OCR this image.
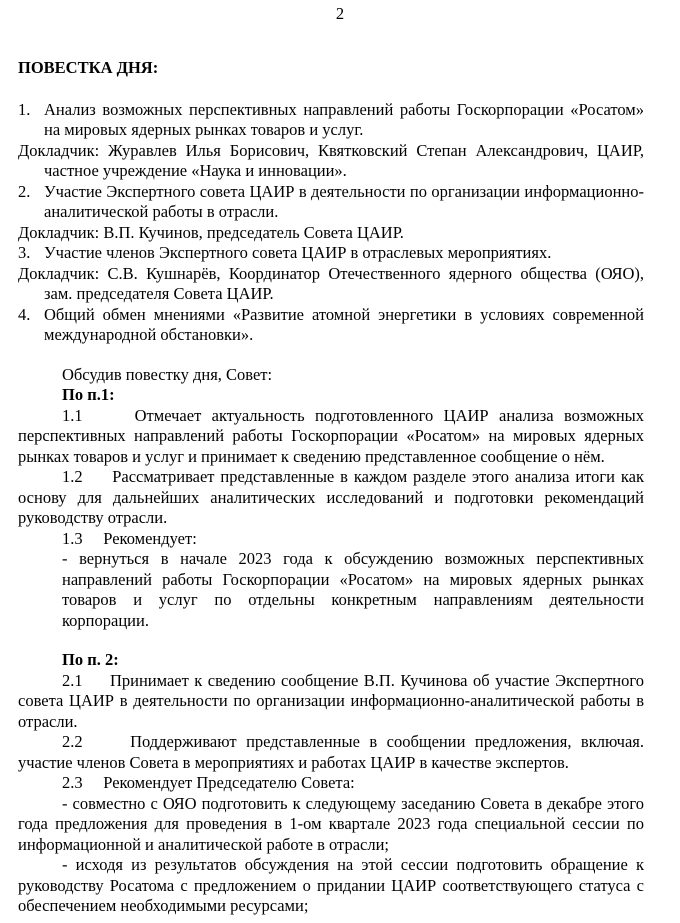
2

ПОВЕСТКА ДНЯ:

1. Анализ возможных перспективных направлений работы Госкорпорации «Росатом» на мировых ядерных рынках товаров и услуг.

Докладчик: Журавлев Илья Борисович, Квятковский Степан Александрович, ЦАИР, частное учреждение «Наука и инновации».

2. Участие Экспертного совета ЦАИР в деятельности по организации информационно-аналитической работы в отрасли.

Докладчик: В.П. Кучинов, председатель Совета ЦАИР.

3. Участие членов Экспертного совета ЦАИР в отраслевых мероприятиях.

Докладчик: С.В. Кушнарёв, Координатор Отечественного ядерного общества (ОЯО), зам. председателя Совета ЦАИР.

4. Общий обмен мнениями «Развитие атомной энергетики в условиях современной международной обстановки».

Обсудив повестку дня, Совет:

По п.1:

1.1	Отмечает актуальность подготовленного ЦАИР анализа возможных перспективных направлений работы Госкорпорации «Росатом» на мировых ядерных рынках товаров и услуг и принимает к сведению представленное сообщение о нём.

1.2 Рассматривает представленные в каждом разделе этого анализа итоги как основу для дальнейших аналитических исследований и подготовки рекомендаций руководству отрасли.

1.3 Рекомендует:

- вернуться в начале 2023 года к обсуждению возможных перспективных направлений работы Госкорпорации «Росатом» на мировых ядерных рынках товаров и услуг по отдельны конкретным направлениям деятельности корпорации.

По п. 2:

2.1 Принимает к сведению сообщение В.П. Кучинова об участие Экспертного совета ЦАИР в деятельности по организации информационно-аналитической работы в отрасли.

2.2	Поддерживают представленные в сообщении предложения, включая. участие членов Совета в мероприятиях и работах ЦАИР в качестве экспертов.

2.3 Рекомендует Председателю Совета:

- совместно с ОЯО подготовить к следующему заседанию Совета в декабре этого года предложения для проведения в 1-ом квартале 2023 года специальной сессии по информационной и аналитической работе в отрасли;

- исходя из результатов обсуждения на этой сессии подготовить обращение к руководству Росатома с предложением о придании ЦАИР соответствующего статуса с обеспечением необходимыми ресурсами;
